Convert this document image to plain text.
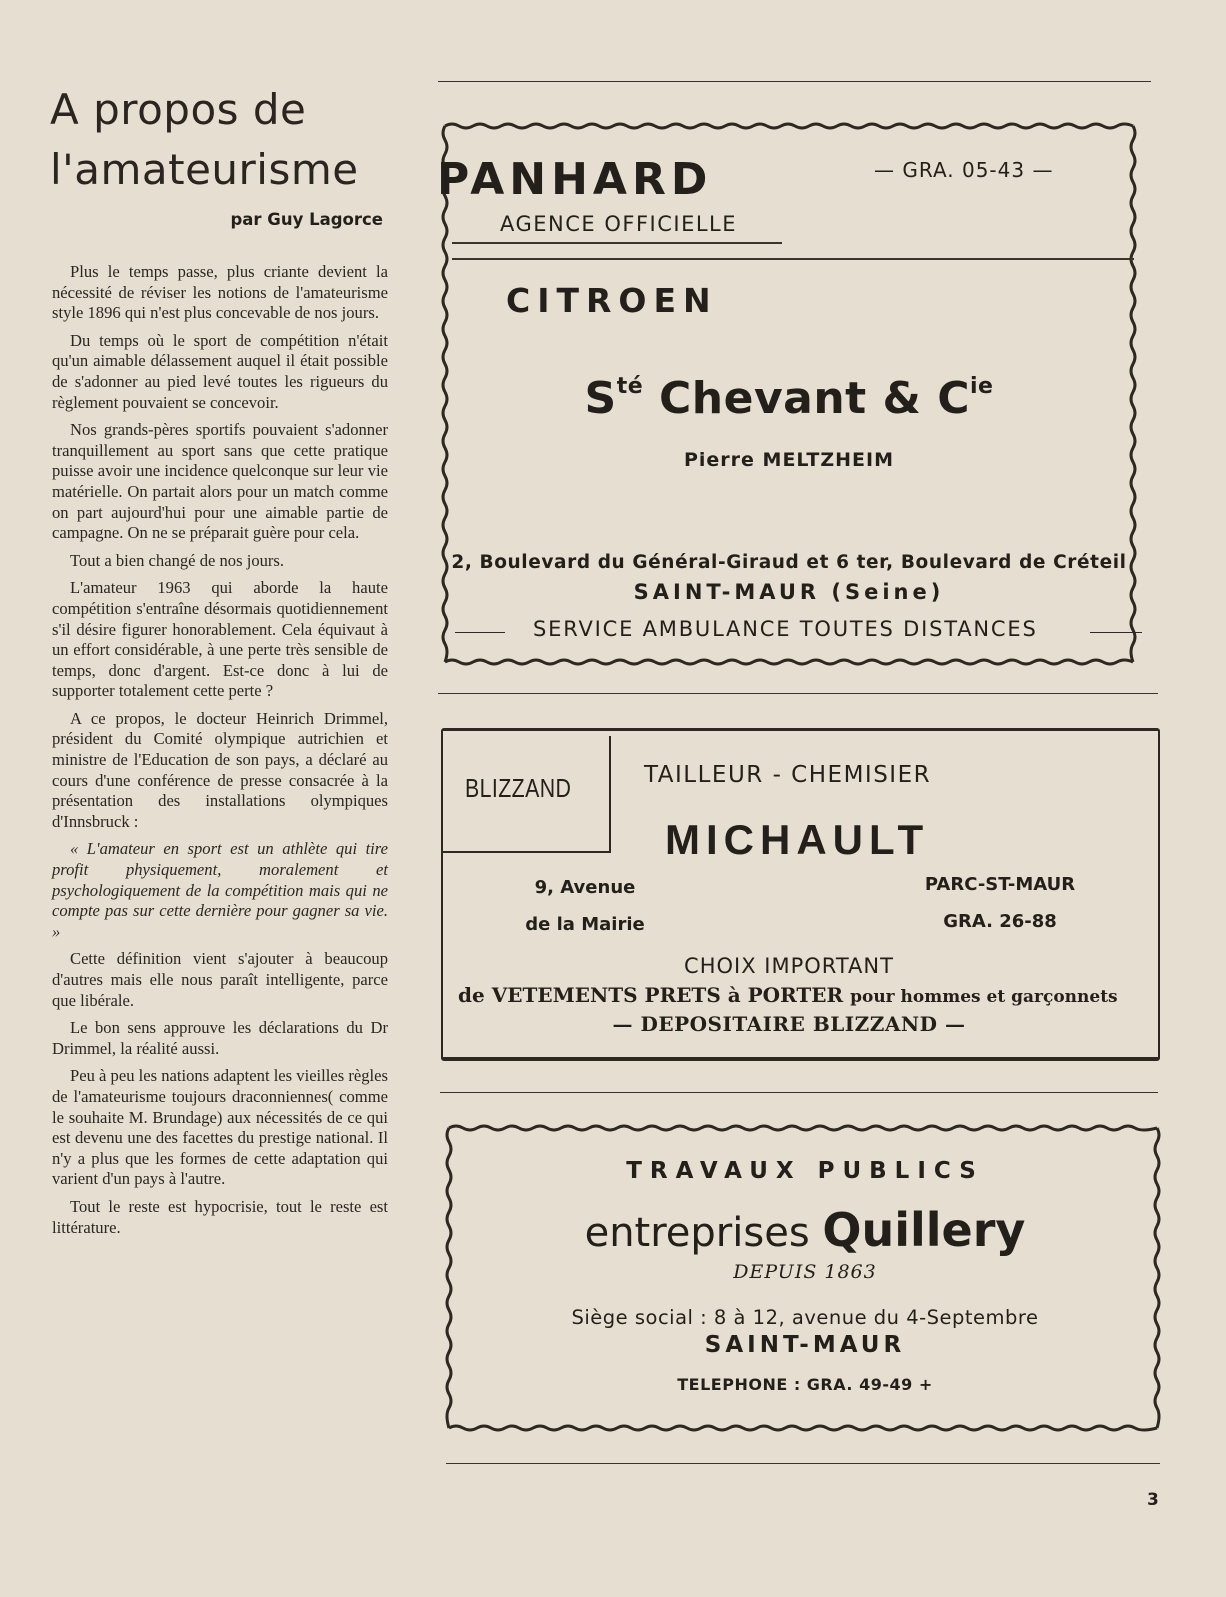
A propos de
l'amateurisme
par Guy Lagorce

Plus le temps passe, plus criante devient la nécessité de réviser les notions de l'amateurisme style 1896 qui n'est plus concevable de nos jours.

Du temps où le sport de compétition n'était qu'un aimable délassement auquel il était possible de s'adonner au pied levé toutes les rigueurs du règlement pouvaient se concevoir.

Nos grands-pères sportifs pouvaient s'adonner tranquillement au sport sans que cette pratique puisse avoir une incidence quelconque sur leur vie matérielle. On partait alors pour un match comme on part aujourd'hui pour une aimable partie de campagne. On ne se préparait guère pour cela.

Tout a bien changé de nos jours.

L'amateur 1963 qui aborde la haute compétition s'entraîne désormais quotidiennement s'il désire figurer honorablement. Cela équivaut à un effort considérable, à une perte très sensible de temps, donc d'argent. Est-ce donc à lui de supporter totalement cette perte ?

A ce propos, le docteur Heinrich Drimmel, président du Comité olympique autrichien et ministre de l'Education de son pays, a déclaré au cours d'une conférence de presse consacrée à la présentation des installations olympiques d'Innsbruck :

« L'amateur en sport est un athlète qui tire profit physiquement, moralement et psychologiquement de la compétition mais qui ne compte pas sur cette dernière pour gagner sa vie. »

Cette définition vient s'ajouter à beaucoup d'autres mais elle nous paraît intelligente, parce que libérale.

Le bon sens approuve les déclarations du Dr Drimmel, la réalité aussi.

Peu à peu les nations adaptent les vieilles règles de l'amateurisme toujours draconniennes( comme le souhaite M. Brundage) aux nécessités de ce qui est devenu une des facettes du prestige national. Il n'y a plus que les formes de cette adaptation qui varient d'un pays à l'autre.

Tout le reste est hypocrisie, tout le reste est littérature.

PANHARD
AGENCE OFFICIELLE
— GRA. 05-43 —
CITROEN
$S^{té}$ Chevant & $C^{ie}$
Pierre MELTZHEIM
2, Boulevard du Général-Giraud et 6 ter, Boulevard de Créteil
SAINT-MAUR (Seine)
SERVICE AMBULANCE TOUTES DISTANCES
BLIZZAND	TAILLEUR - CHEMISIER
MICHAULT
9, Avenue
de la Mairie
PARC-ST-MAUR
GRA. 26-88
CHOIX IMPORTANT
de VETEMENTS PRETS à PORTER pour hommes et garçonnets
— DEPOSITAIRE BLIZZAND —
TRAVAUX PUBLICS
entreprises Quillery
DEPUIS 1863
Siège social : 8 à 12, avenue du 4-Septembre
SAINT-MAUR
TELEPHONE : GRA. 49-49 +
3
